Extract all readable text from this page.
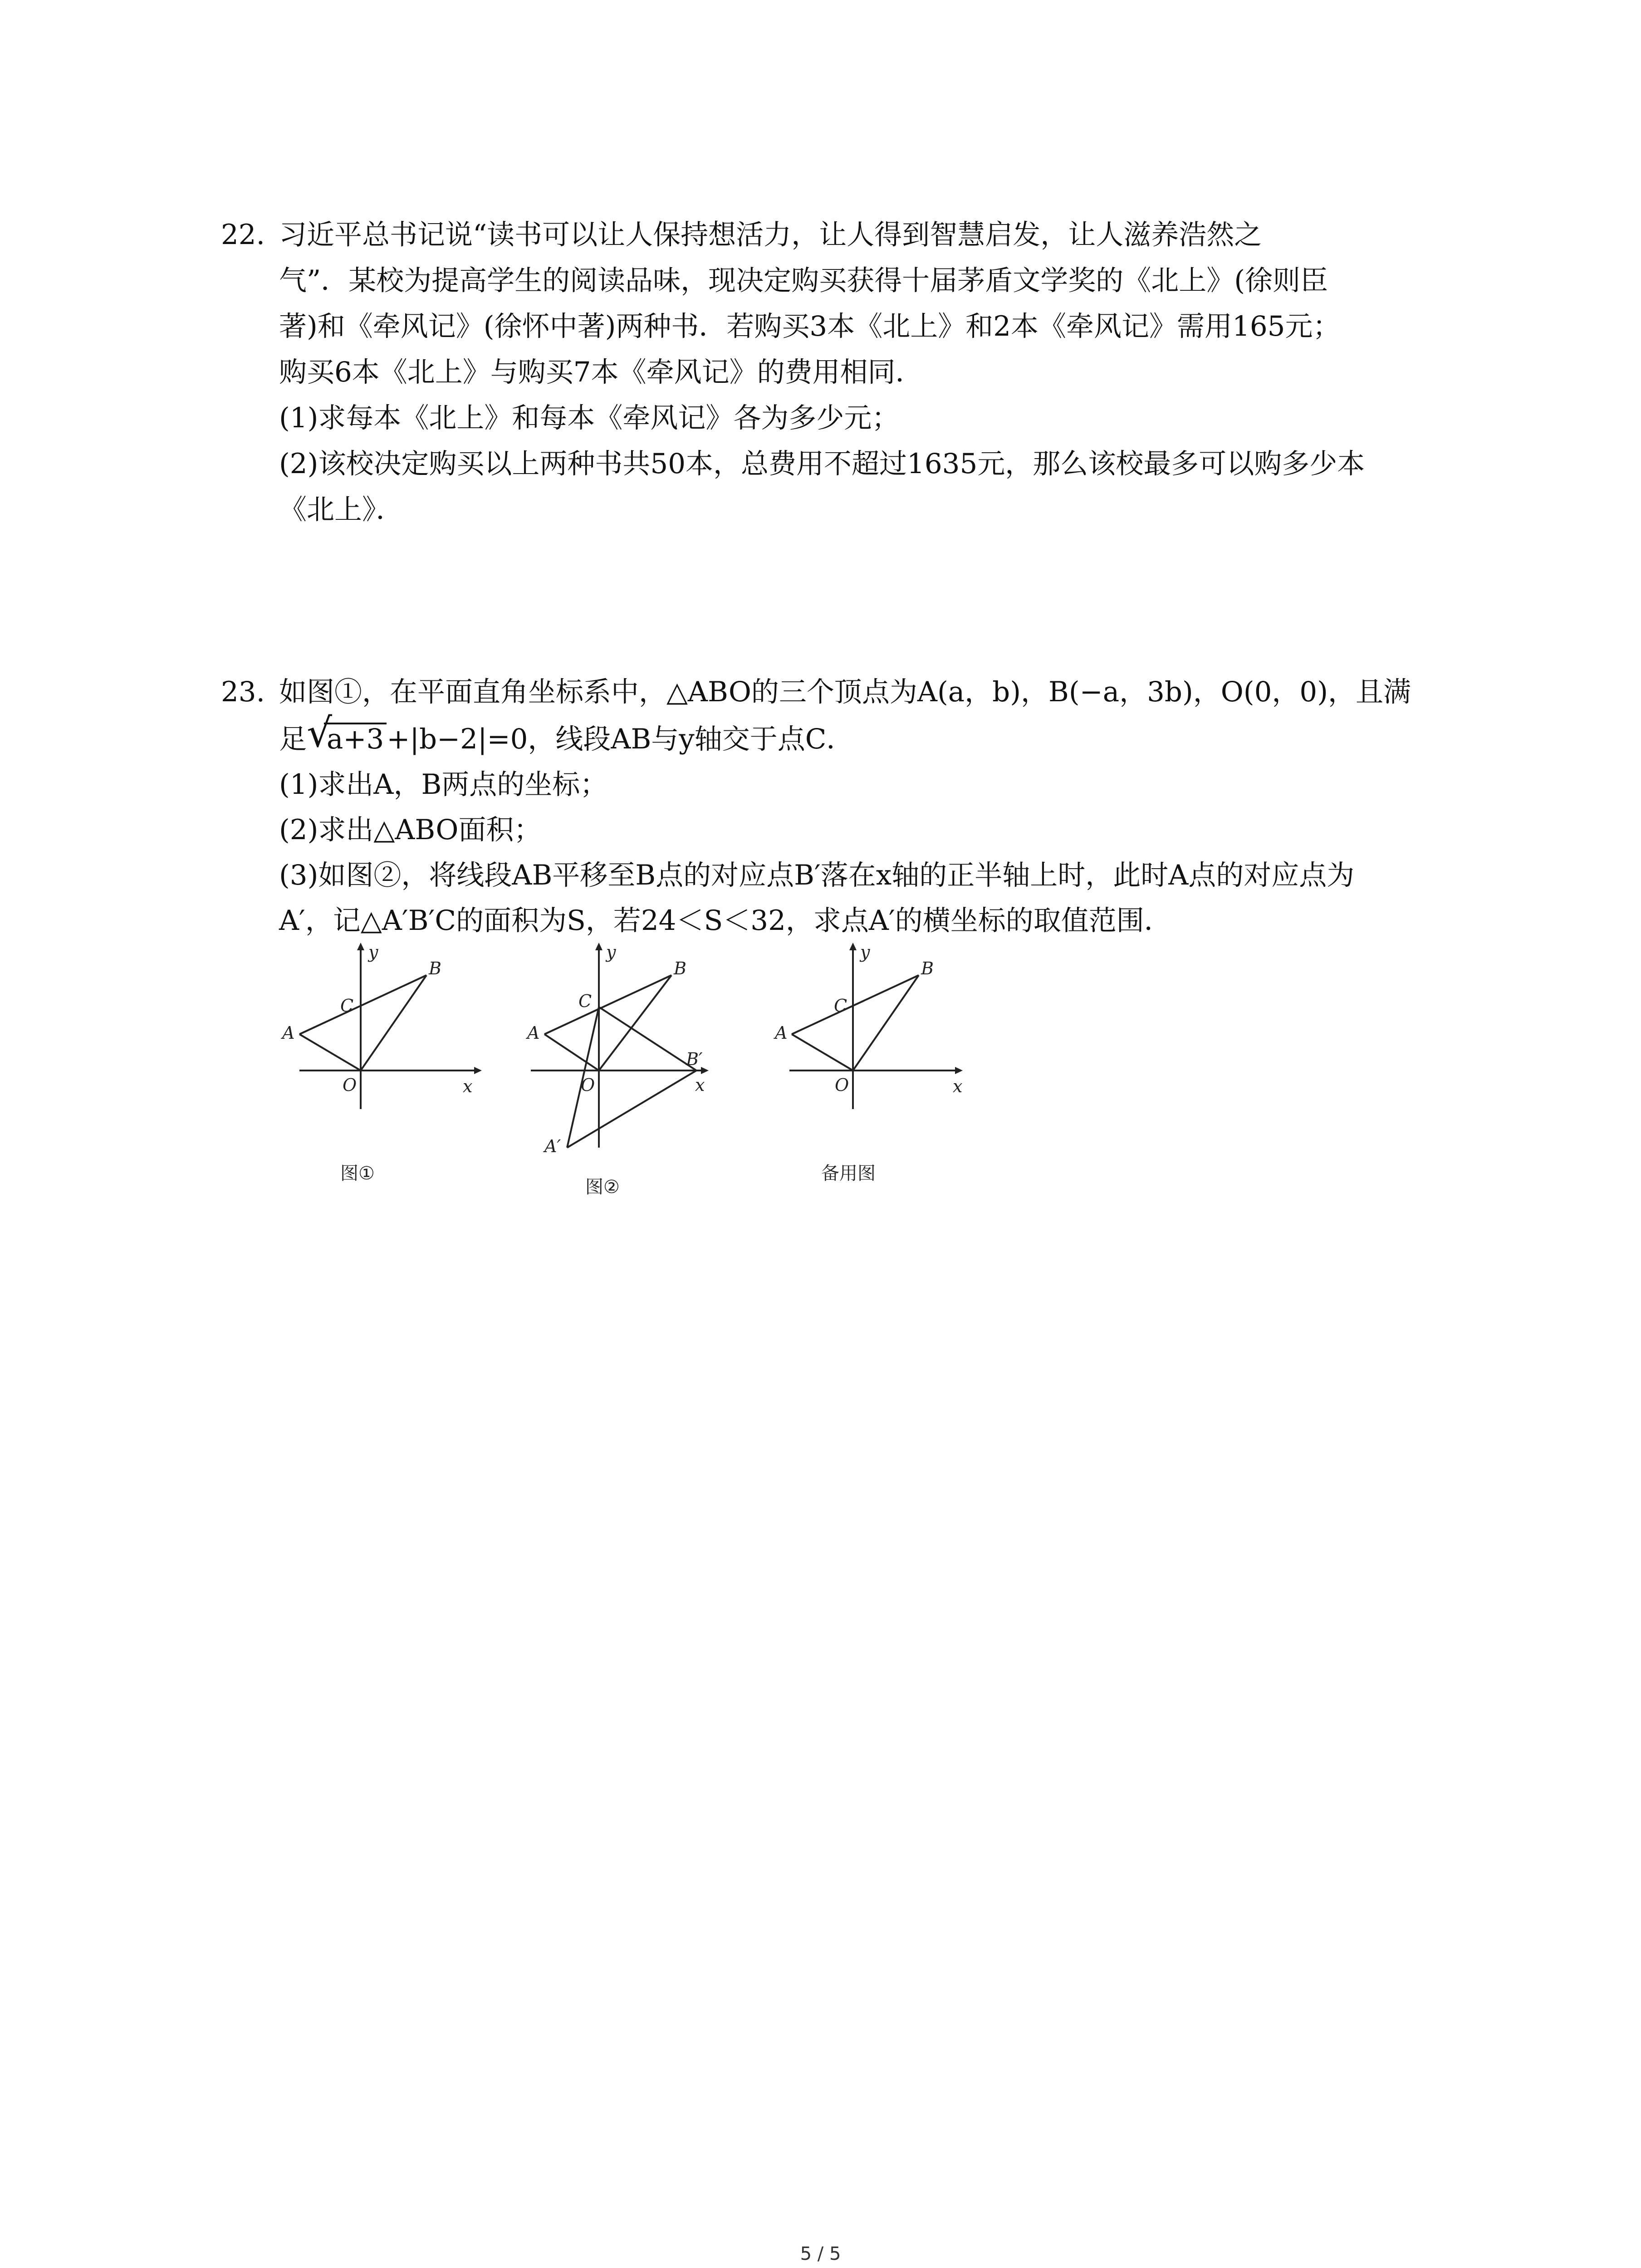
22. 习近平总书记说“读书可以让人保持想活力，让人得到智慧启发，让人滋养浩然之
气”．某校为提高学生的阅读品味，现决定购买获得十届茅盾文学奖的《北上》(徐则臣
著)和《牵风记》(徐怀中著)两种书．若购买3本《北上》和2本《牵风记》需用165元；
购买6本《北上》与购买7本《牵风记》的费用相同．
(1)求每本《北上》和每本《牵风记》各为多少元；
(2)该校决定购买以上两种书共50本，总费用不超过1635元，那么该校最多可以购多少本
《北上》．
23. 如图①，在平面直角坐标系中，△ABO的三个顶点为A(a，b)，B(−a，3b)，O(0，0)，且满
足 √
a+3+|b−2|=0，线段AB与y轴交于点C．
(1)求出A，B两点的坐标；
(2)求出△ABO面积；
(3)如图②，将线段AB平移至B点的对应点B′落在x轴的正半轴上时，此时A点的对应点为
A′，记△A′B′C的面积为S，若24＜S＜32，求点A′的横坐标的取值范围．
A
B
C
O	x
y
图①
A
B
C
O
B′
A′
x
y
图②
A
B
C
O	x
y
备用图
5 / 5
